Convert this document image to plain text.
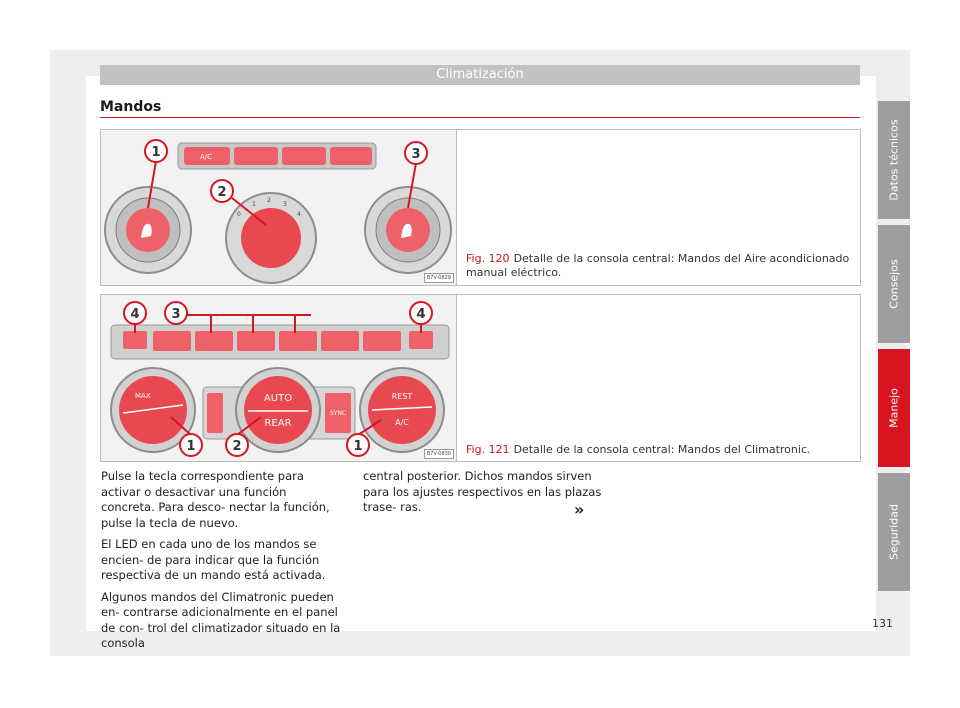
Climatización
Mandos
A/C
0
1
2
3
4
1
2
3
B7V-0829
Fig. 120 Detalle de la consola central: Mandos del Aire acondicionado manual eléctrico.
MAX	AUTO
REAR
SYNC
REST
A/C
4 3	4
1	2	1	B7V-0830 Fig. 121 Detalle de la consola central: Mandos del Climatronic.

Pulse la tecla correspondiente para activar o desactivar una función concreta. Para desco- nectar la función, pulse la tecla de nuevo.

El LED en cada uno de los mandos se encien- de para indicar que la función respectiva de un mando está activada.

Algunos mandos del Climatronic pueden en- contrarse adicionalmente en el panel de con- trol del climatizador situado en la consola

central posterior. Dichos mandos sirven para los ajustes respectivos en las plazas trase- ras.	»
Datos técnicos
Consejos
Manejo
Seguridad
131
